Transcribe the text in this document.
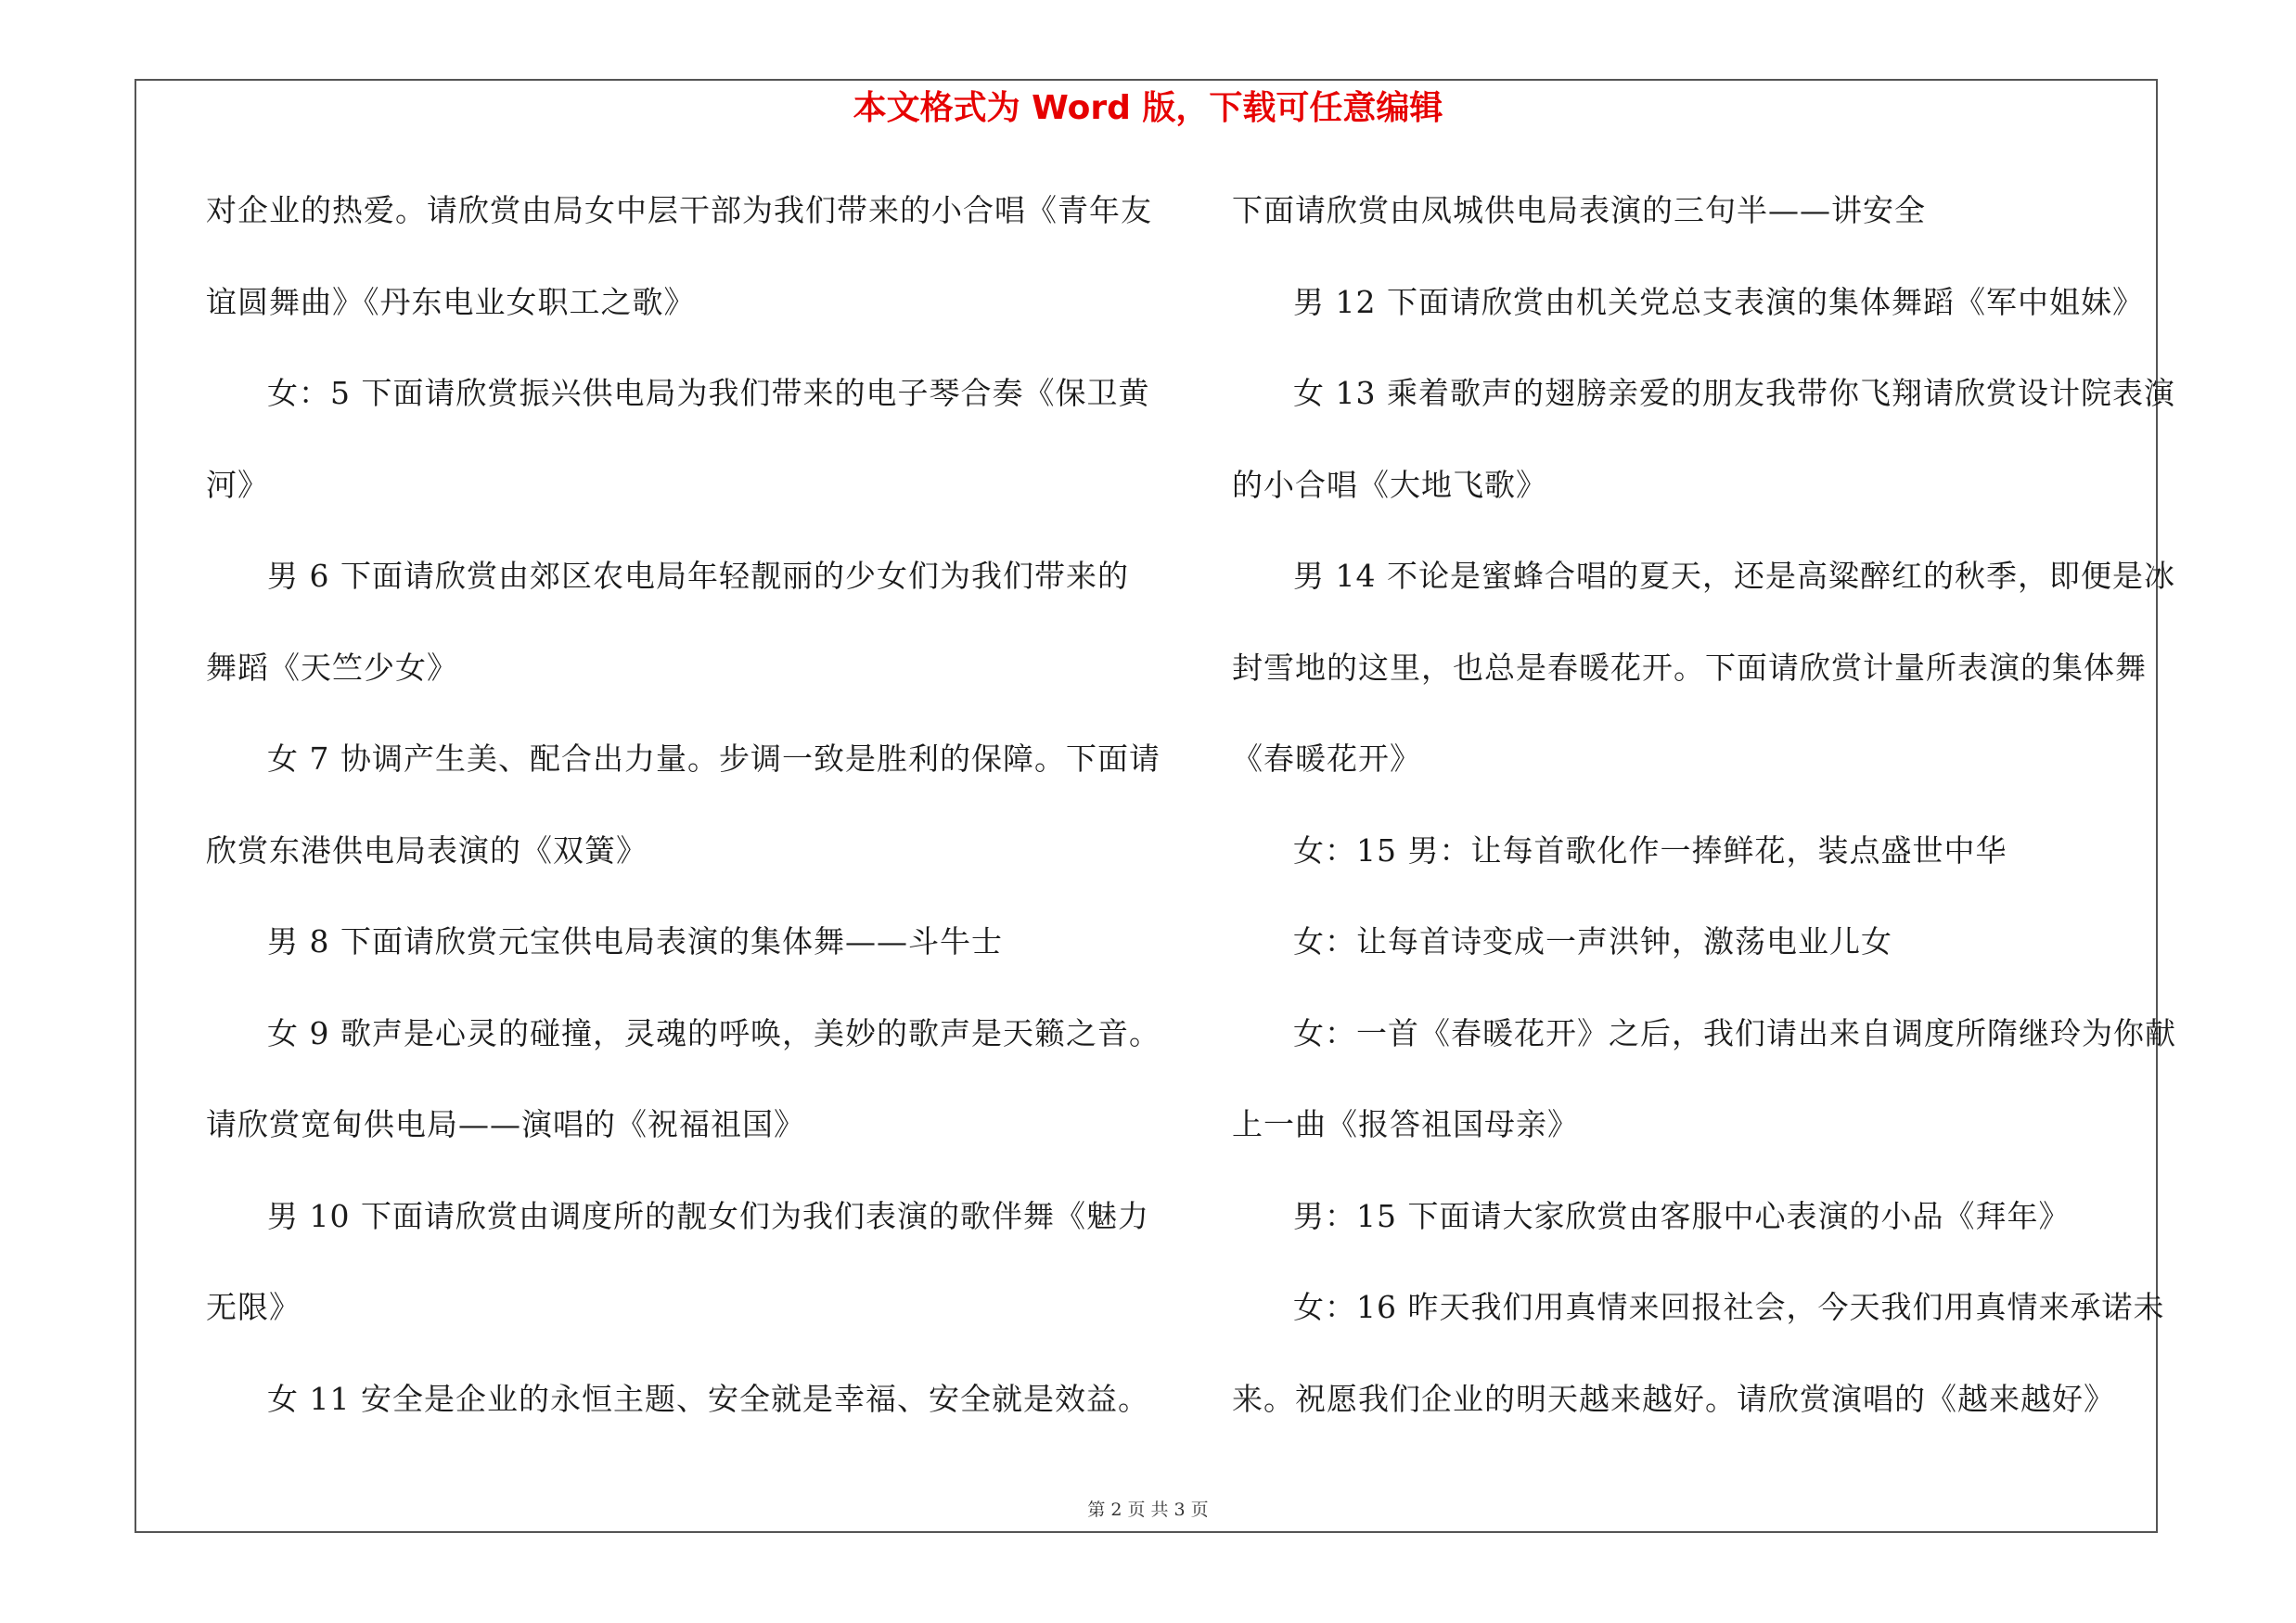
本文格式为 Word 版，下载可任意编辑
对企业的热爱。请欣赏由局女中层干部为我们带来的小合唱《青年友
谊圆舞曲》《丹东电业女职工之歌》
女：5 下面请欣赏振兴供电局为我们带来的电子琴合奏《保卫黄
河》
男 6 下面请欣赏由郊区农电局年轻靓丽的少女们为我们带来的
舞蹈《天竺少女》
女 7 协调产生美、配合出力量。步调一致是胜利的保障。下面请
欣赏东港供电局表演的《双簧》
男 8 下面请欣赏元宝供电局表演的集体舞——斗牛士
女 9 歌声是心灵的碰撞，灵魂的呼唤，美妙的歌声是天籁之音。
请欣赏宽甸供电局——演唱的《祝福祖国》
男 10 下面请欣赏由调度所的靓女们为我们表演的歌伴舞《魅力
无限》
女 11 安全是企业的永恒主题、安全就是幸福、安全就是效益。
下面请欣赏由凤城供电局表演的三句半——讲安全
男 12 下面请欣赏由机关党总支表演的集体舞蹈《军中姐妹》
女 13 乘着歌声的翅膀亲爱的朋友我带你飞翔请欣赏设计院表演
的小合唱《大地飞歌》
男 14 不论是蜜蜂合唱的夏天，还是高粱醉红的秋季，即便是冰
封雪地的这里，也总是春暖花开。下面请欣赏计量所表演的集体舞
《春暖花开》
女：15 男：让每首歌化作一捧鲜花，装点盛世中华
女：让每首诗变成一声洪钟，激荡电业儿女
女：一首《春暖花开》之后，我们请出来自调度所隋继玲为你献
上一曲《报答祖国母亲》
男：15 下面请大家欣赏由客服中心表演的小品《拜年》
女：16 昨天我们用真情来回报社会，今天我们用真情来承诺未
来。祝愿我们企业的明天越来越好。请欣赏演唱的《越来越好》
第 2 页 共 3 页
